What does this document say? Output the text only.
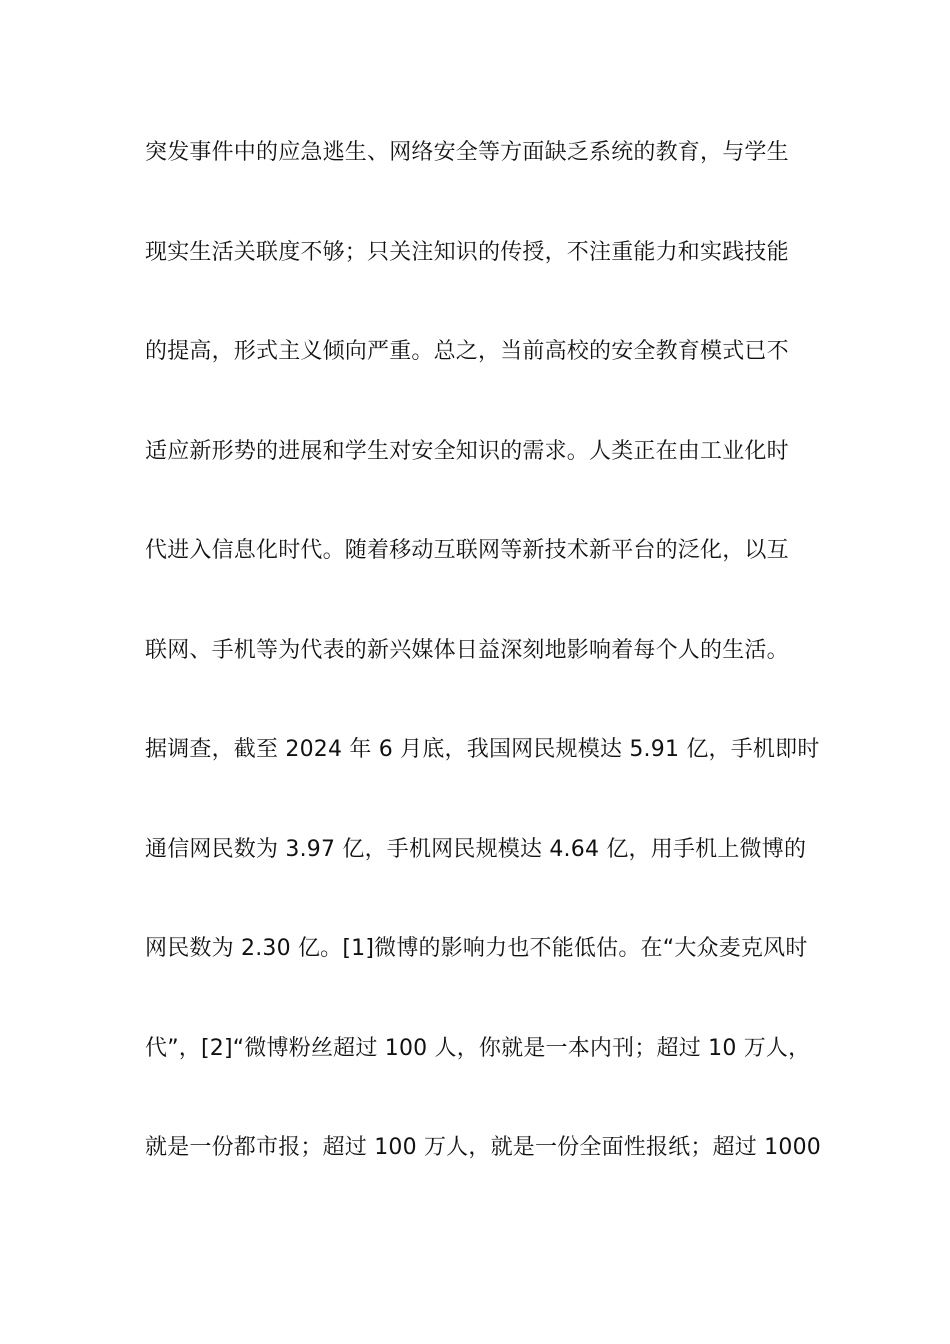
突发事件中的应急逃生、网络安全等方面缺乏系统的教育，与学生
现实生活关联度不够；只关注知识的传授，不注重能力和实践技能
的提高，形式主义倾向严重。总之，当前高校的安全教育模式已不
适应新形势的进展和学生对安全知识的需求。人类正在由工业化时
代进入信息化时代。随着移动互联网等新技术新平台的泛化，以互
联网、手机等为代表的新兴媒体日益深刻地影响着每个人的生活。
据调查，截至 2024 年 6 月底，我国网民规模达 5.91 亿，手机即时
通信网民数为 3.97 亿，手机网民规模达 4.64 亿，用手机上微博的
网民数为 2.30 亿。[1]微博的影响力也不能低估。在“大众麦克风时
代”，[2]“微博粉丝超过 100 人，你就是一本内刊；超过 10 万人，
就是一份都市报；超过 100 万人，就是一份全面性报纸；超过 1000
